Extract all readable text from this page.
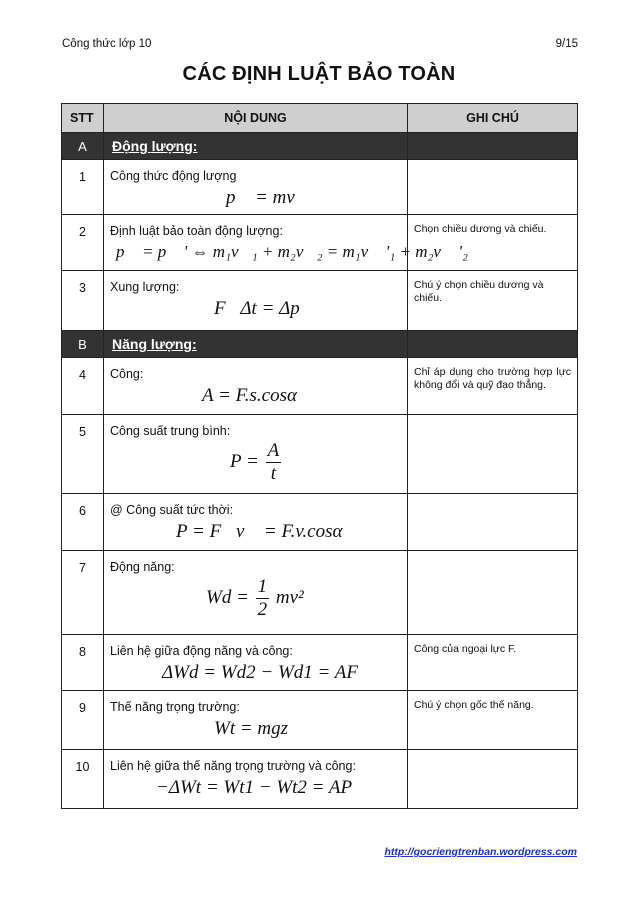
Công thức lớp 10	9/15
CÁC ĐỊNH LUẬT BẢO TOÀN
STT	NỘI DUNG	GHI CHÚ
A	Động lượng:	
1	Công thức động lượng
p⃗ = mv⃗	

2	Định luật bảo toàn động lượng:
p⃗ = p⃗ ' ⇔ m₁v⃗₁ + m₂v⃗₂ = m₁v⃗ '₁ + m₂v⃗ '₂	Chọn chiều dương và chiếu.
3	Xung lượng:
F⃗Δt = Δp⃗	Chú ý chọn chiều dương và chiếu.
B	Năng lượng:	
4	Công:
A = F.s.cosα	Chỉ áp dụng cho trường hợp lực không đổi và quỹ đạo thẳng.
5	Công suất trung bình:
$P = \frac{A}{t}$

6	@ Công suất tức thời:
P = F⃗v⃗ = F.v.cosα	

7	Động năng:
$Wd = \frac{1}{2} mv^2$	

8	Liên hệ giữa động năng và công:
ΔWd = Wd2 − Wd1 = AF	Công của ngoại lực F.
9	Thế năng trọng trường:
Wt = mgz	Chú ý chọn gốc thế năng.
10	Liên hệ giữa thế năng trọng trường và công:
−ΔWt = Wt1 − Wt2 = AP	

http://gocriengtrenban.wordpress.com
